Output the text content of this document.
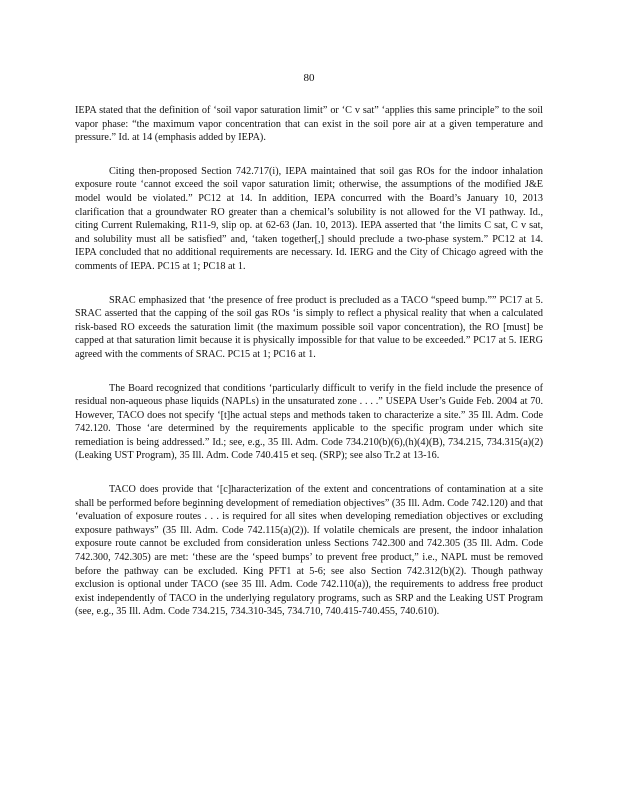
80

IEPA stated that the definition of ‘soil vapor saturation limit” or ‘C v sat” ‘applies this same principle” to the soil vapor phase: “the maximum vapor concentration that can exist in the soil pore air at a given temperature and pressure.” Id. at 14 (emphasis added by IEPA).

Citing then-proposed Section 742.717(i), IEPA maintained that soil gas ROs for the indoor inhalation exposure route ‘cannot exceed the soil vapor saturation limit; otherwise, the assumptions of the modified J&E model would be violated.” PC12 at 14. In addition, IEPA concurred with the Board’s January 10, 2013 clarification that a groundwater RO greater than a chemical’s solubility is not allowed for the VI pathway. Id., citing Current Rulemaking, R11-9, slip op. at 62-63 (Jan. 10, 2013). IEPA asserted that ‘the limits C sat, C v sat, and solubility must all be satisfied” and, ‘taken together[,] should preclude a two-phase system.” PC12 at 14. IEPA concluded that no additional requirements are necessary. Id. IERG and the City of Chicago agreed with the comments of IEPA. PC15 at 1; PC18 at 1.

SRAC emphasized that ‘the presence of free product is precluded as a TACO “speed bump.”” PC17 at 5. SRAC asserted that the capping of the soil gas ROs ‘is simply to reflect a physical reality that when a calculated risk-based RO exceeds the saturation limit (the maximum possible soil vapor concentration), the RO [must] be capped at that saturation limit because it is physically impossible for that value to be exceeded.” PC17 at 5. IERG agreed with the comments of SRAC. PC15 at 1; PC16 at 1.

The Board recognized that conditions ‘particularly difficult to verify in the field include the presence of residual non-aqueous phase liquids (NAPLs) in the unsaturated zone . . . .” USEPA User’s Guide Feb. 2004 at 70. However, TACO does not specify ‘[t]he actual steps and methods taken to characterize a site.” 35 Ill. Adm. Code 742.120. Those ‘are determined by the requirements applicable to the specific program under which site remediation is being addressed.” Id.; see, e.g., 35 Ill. Adm. Code 734.210(b)(6),(h)(4)(B), 734.215, 734.315(a)(2) (Leaking UST Program), 35 Ill. Adm. Code 740.415 et seq. (SRP); see also Tr.2 at 13-16.

TACO does provide that ‘[c]haracterization of the extent and concentrations of contamination at a site shall be performed before beginning development of remediation objectives” (35 Ill. Adm. Code 742.120) and that ‘evaluation of exposure routes . . . is required for all sites when developing remediation objectives or excluding exposure pathways” (35 Ill. Adm. Code 742.115(a)(2)). If volatile chemicals are present, the indoor inhalation exposure route cannot be excluded from consideration unless Sections 742.300 and 742.305 (35 Ill. Adm. Code 742.300, 742.305) are met: ‘these are the ‘speed bumps’ to prevent free product,” i.e., NAPL must be removed before the pathway can be excluded. King PFT1 at 5-6; see also Section 742.312(b)(2). Though pathway exclusion is optional under TACO (see 35 Ill. Adm. Code 742.110(a)), the requirements to address free product exist independently of TACO in the underlying regulatory programs, such as SRP and the Leaking UST Program (see, e.g., 35 Ill. Adm. Code 734.215, 734.310-345, 734.710, 740.415-740.455, 740.610).
